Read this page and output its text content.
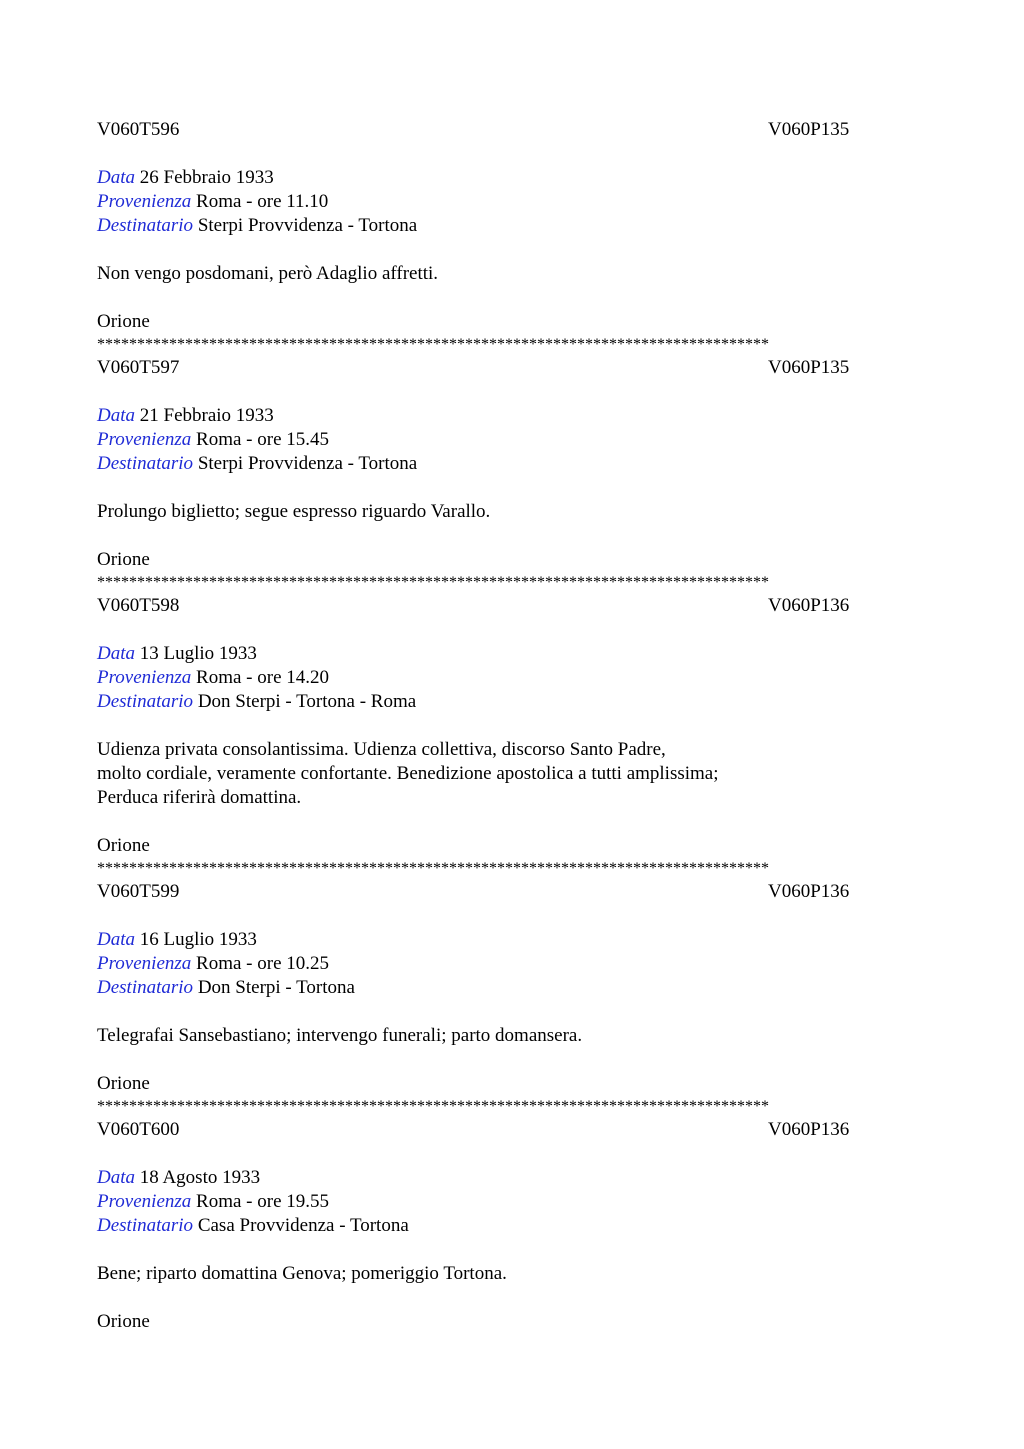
V060T596	V060P135
Data 26 Febbraio 1933
Provenienza Roma - ore 11.10
Destinatario Sterpi Provvidenza - Tortona
Non vengo posdomani, però Adaglio affretti.
Orione
************************************************************************************
V060T597	V060P135
Data 21 Febbraio 1933
Provenienza Roma - ore 15.45
Destinatario Sterpi Provvidenza - Tortona
Prolungo biglietto; segue espresso riguardo Varallo.
Orione
************************************************************************************
V060T598	V060P136
Data 13 Luglio 1933
Provenienza Roma - ore 14.20
Destinatario Don Sterpi - Tortona - Roma
Udienza privata consolantissima. Udienza collettiva, discorso Santo Padre,
molto cordiale, veramente confortante. Benedizione apostolica a tutti amplissima;
Perduca riferirà domattina.
Orione
************************************************************************************
V060T599	V060P136
Data 16 Luglio 1933
Provenienza Roma - ore 10.25
Destinatario Don Sterpi - Tortona
Telegrafai Sansebastiano; intervengo funerali; parto domansera.
Orione
************************************************************************************
V060T600	V060P136
Data 18 Agosto 1933
Provenienza Roma - ore 19.55
Destinatario Casa Provvidenza - Tortona
Bene; riparto domattina Genova; pomeriggio Tortona.
Orione
